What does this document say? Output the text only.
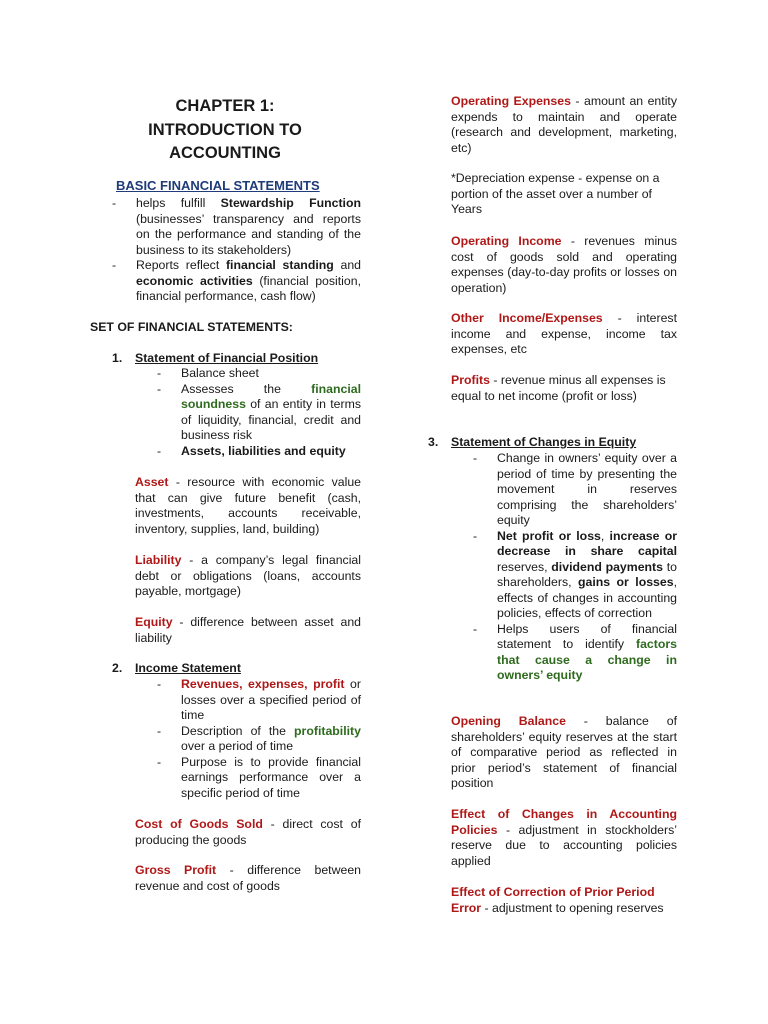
CHAPTER 1:
INTRODUCTION TO
ACCOUNTING
BASIC FINANCIAL STATEMENTS
- helps fulfill Stewardship Function (businesses’ transparency and reports on the performance and standing of the business to its stakeholders)
- Reports reflect financial standing and economic activities (financial position, financial performance, cash flow)
SET OF FINANCIAL STATEMENTS:
1. Statement of Financial Position
- Balance sheet
- Assesses the financial soundness of an entity in terms of liquidity, financial, credit and business risk
- Assets, liabilities and equity
Asset - resource with economic value that can give future benefit (cash, investments, accounts receivable, inventory, supplies, land, building)
Liability - a company’s legal financial debt or obligations (loans, accounts payable, mortgage)
Equity - difference between asset and liability
2. Income Statement
- Revenues, expenses, profit or losses over a specified period of time
- Description of the profitability over a period of time
- Purpose is to provide financial earnings performance over a specific period of time
Cost of Goods Sold - direct cost of producing the goods
Gross Profit - difference between revenue and cost of goods
Operating Expenses - amount an entity expends to maintain and operate (research and development, marketing, etc)
*Depreciation expense - expense on a portion of the asset over a number of Years
Operating Income - revenues minus cost of goods sold and operating expenses (day-to-day profits or losses on operation)
Other Income/Expenses - interest income and expense, income tax expenses, etc
Profits - revenue minus all expenses is equal to net income (profit or loss)
3. Statement of Changes in Equity
- Change in owners’ equity over a period of time by presenting the movement in reserves comprising the shareholders’ equity
- Net profit or loss, increase or decrease in share capital reserves, dividend payments to shareholders, gains or losses, effects of changes in accounting policies, effects of correction
- Helps users of financial statement to identify factors that cause a change in owners’ equity
Opening Balance - balance of shareholders’ equity reserves at the start of comparative period as reflected in prior period’s statement of financial position
Effect of Changes in Accounting Policies - adjustment in stockholders’ reserve due to accounting policies applied
Effect of Correction of Prior Period Error - adjustment to opening reserves
